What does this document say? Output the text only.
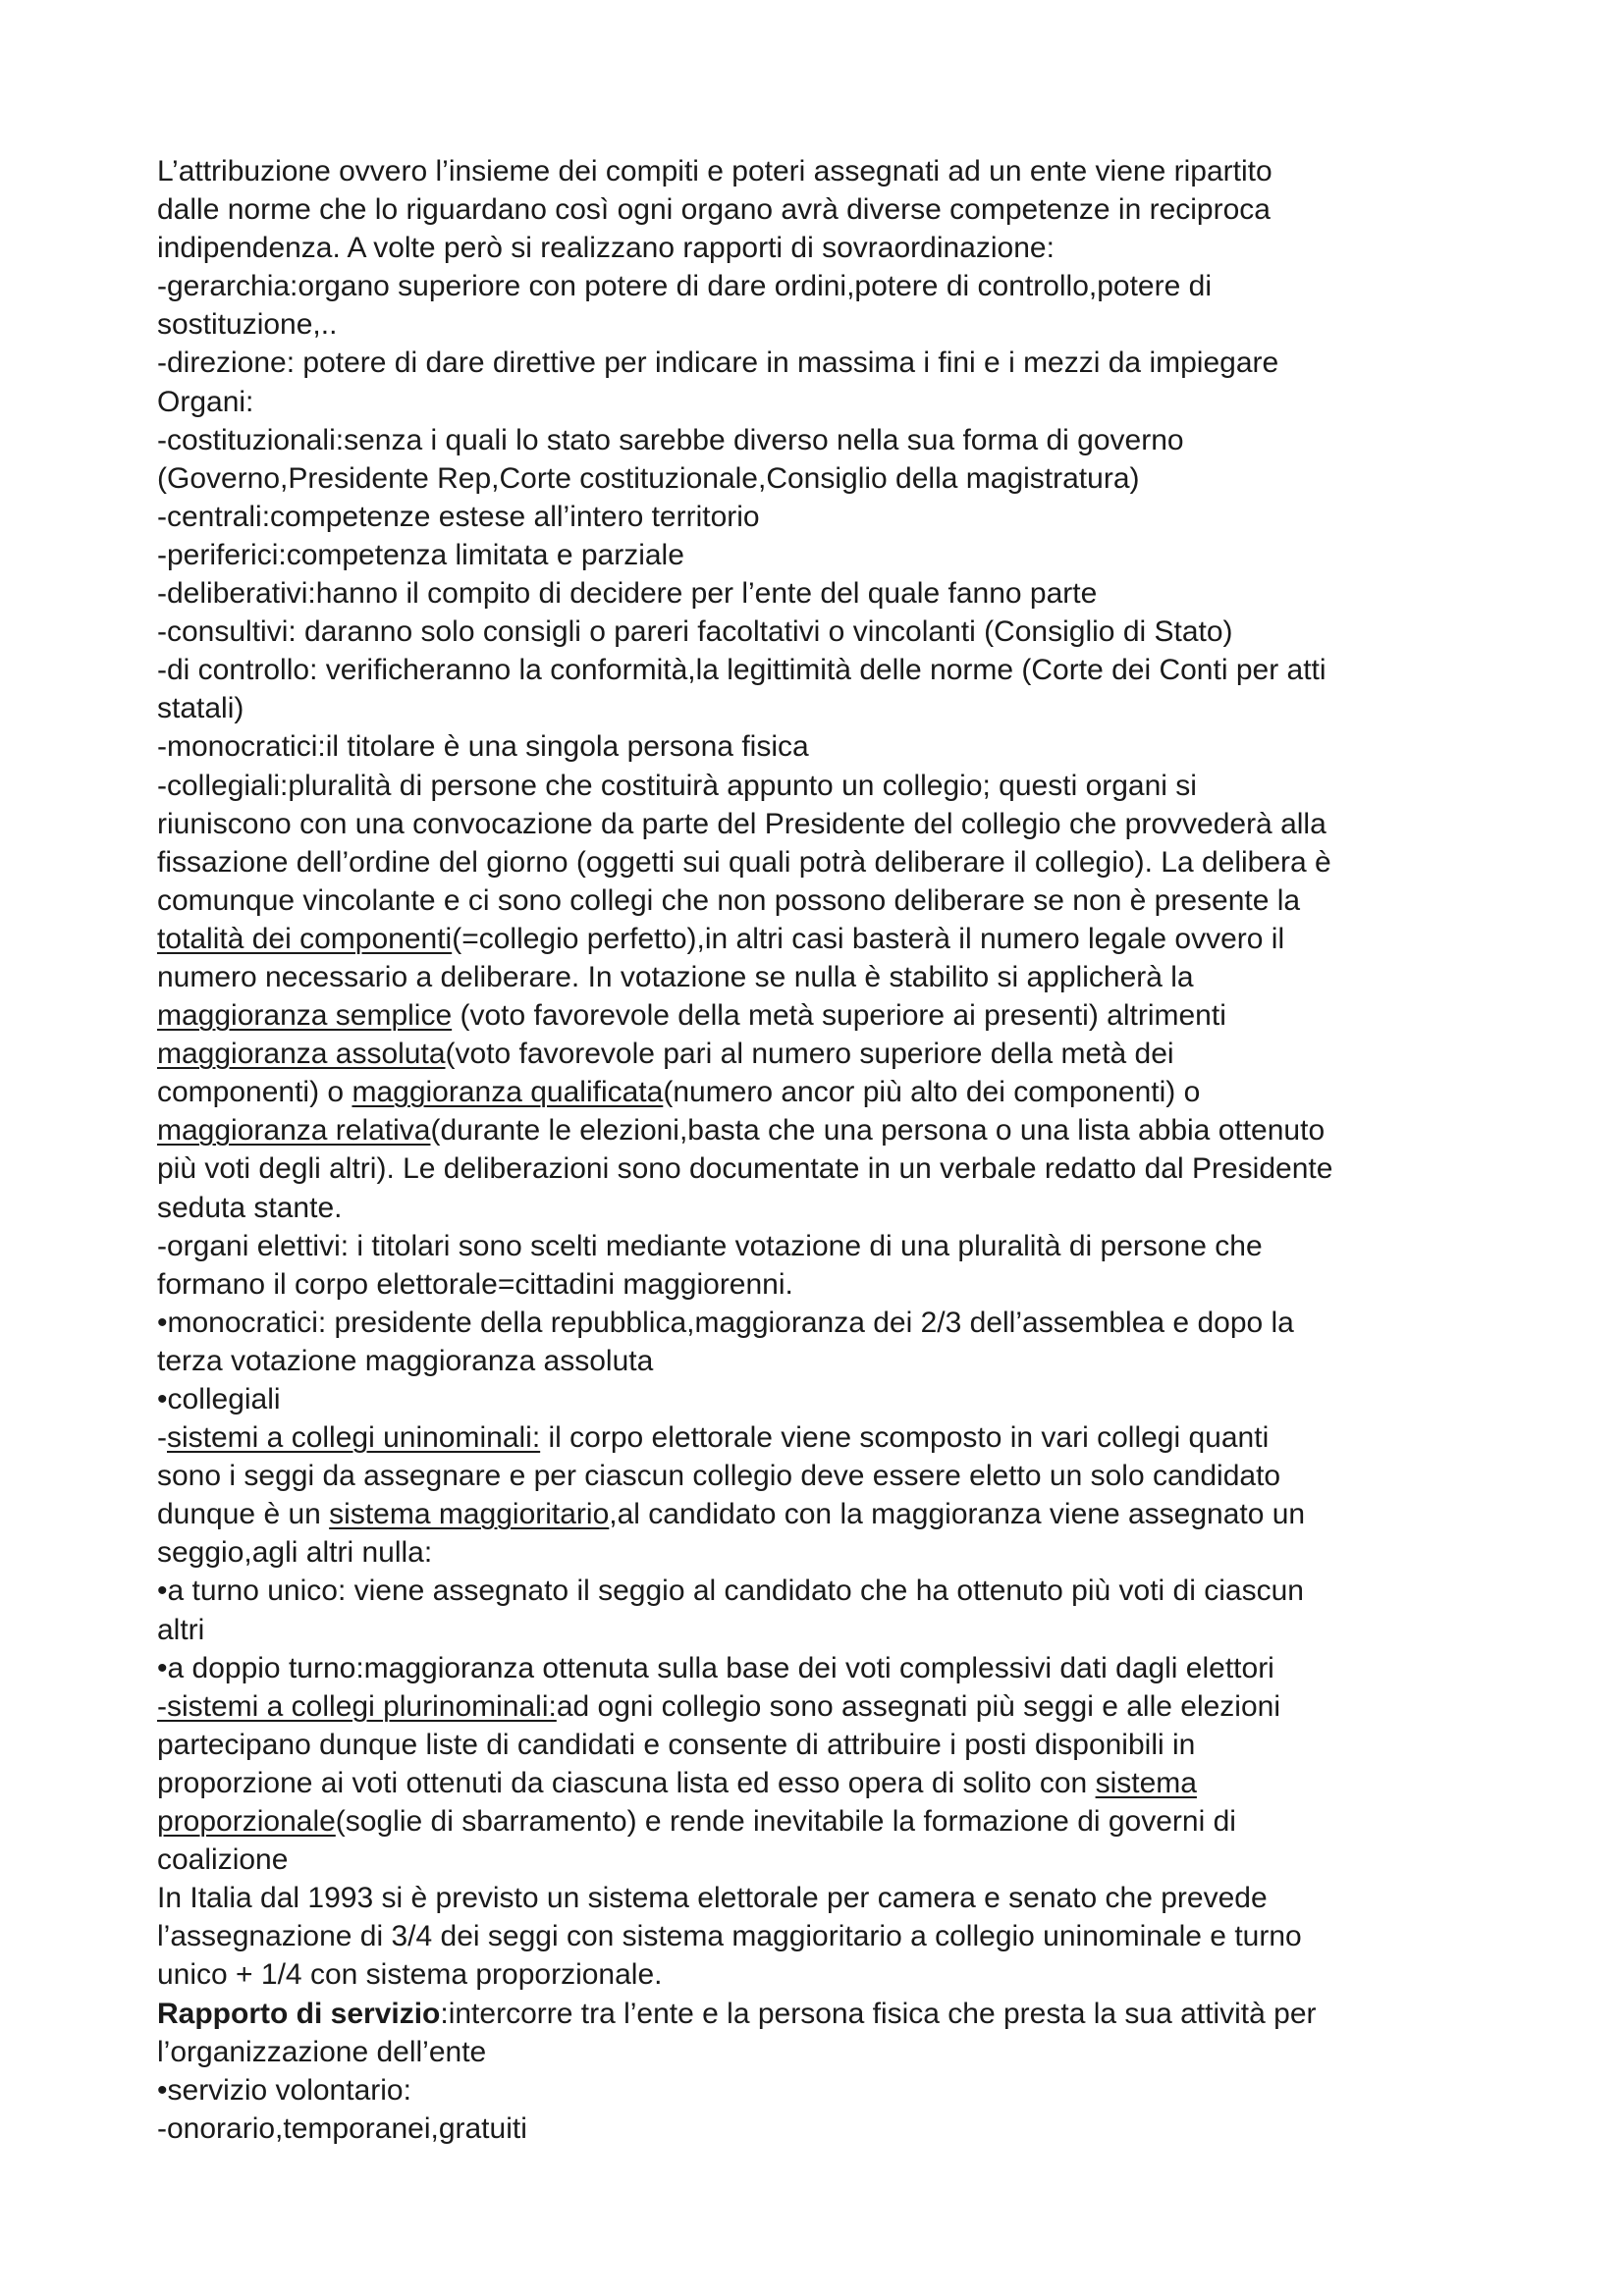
L’attribuzione ovvero l’insieme dei compiti e poteri assegnati ad un ente viene ripartito
dalle norme che lo riguardano così ogni organo avrà diverse competenze in reciproca
indipendenza. A volte però si realizzano rapporti di sovraordinazione:
-gerarchia:organo superiore con potere di dare ordini,potere di controllo,potere di
sostituzione,..
-direzione: potere di dare direttive per indicare in massima i fini e i mezzi da impiegare
Organi:
-costituzionali:senza i quali lo stato sarebbe diverso nella sua forma di governo
(Governo,Presidente Rep,Corte costituzionale,Consiglio della magistratura)
-centrali:competenze estese all’intero territorio
-periferici:competenza limitata e parziale
-deliberativi:hanno il compito di decidere per l’ente del quale fanno parte
-consultivi: daranno solo consigli o pareri facoltativi o vincolanti (Consiglio di Stato)
-di controllo: verificheranno la conformità,la legittimità delle norme (Corte dei Conti per atti
statali)
-monocratici:il titolare è una singola persona fisica
-collegiali:pluralità di persone che costituirà appunto un collegio; questi organi si
riuniscono con una convocazione da parte del Presidente del collegio che provvederà alla
fissazione dell’ordine del giorno (oggetti sui quali potrà deliberare il collegio). La delibera è
comunque vincolante e ci sono collegi che non possono deliberare se non è presente la
totalità dei componenti(=collegio perfetto),in altri casi basterà il numero legale ovvero il
numero necessario a deliberare. In votazione se nulla è stabilito si applicherà la
maggioranza semplice (voto favorevole della metà superiore ai presenti) altrimenti
maggioranza assoluta(voto favorevole pari al numero superiore della metà dei
componenti) o maggioranza qualificata(numero ancor più alto dei componenti) o
maggioranza relativa(durante le elezioni,basta che una persona o una lista abbia ottenuto
più voti degli altri). Le deliberazioni sono documentate in un verbale redatto dal Presidente
seduta stante.
-organi elettivi: i titolari sono scelti mediante votazione di una pluralità di persone che
formano il corpo elettorale=cittadini maggiorenni.
•monocratici: presidente della repubblica,maggioranza dei 2/3 dell’assemblea e dopo la
terza votazione maggioranza assoluta
•collegiali
-sistemi a collegi uninominali: il corpo elettorale viene scomposto in vari collegi quanti
sono i seggi da assegnare e per ciascun collegio deve essere eletto un solo candidato
dunque è un sistema maggioritario,al candidato con la maggioranza viene assegnato un
seggio,agli altri nulla:
•a turno unico: viene assegnato il seggio al candidato che ha ottenuto più voti di ciascun
altri
•a doppio turno:maggioranza ottenuta sulla base dei voti complessivi dati dagli elettori
-sistemi a collegi plurinominali:ad ogni collegio sono assegnati più seggi e alle elezioni
partecipano dunque liste di candidati e consente di attribuire i posti disponibili in
proporzione ai voti ottenuti da ciascuna lista ed esso opera di solito con sistema
proporzionale(soglie di sbarramento) e rende inevitabile la formazione di governi di
coalizione
In Italia dal 1993 si è previsto un sistema elettorale per camera e senato che prevede
l’assegnazione di 3/4 dei seggi con sistema maggioritario a collegio uninominale e turno
unico + 1/4 con sistema proporzionale.
Rapporto di servizio:intercorre tra l’ente e la persona fisica che presta la sua attività per
l’organizzazione dell’ente
•servizio volontario:
-onorario,temporanei,gratuiti
